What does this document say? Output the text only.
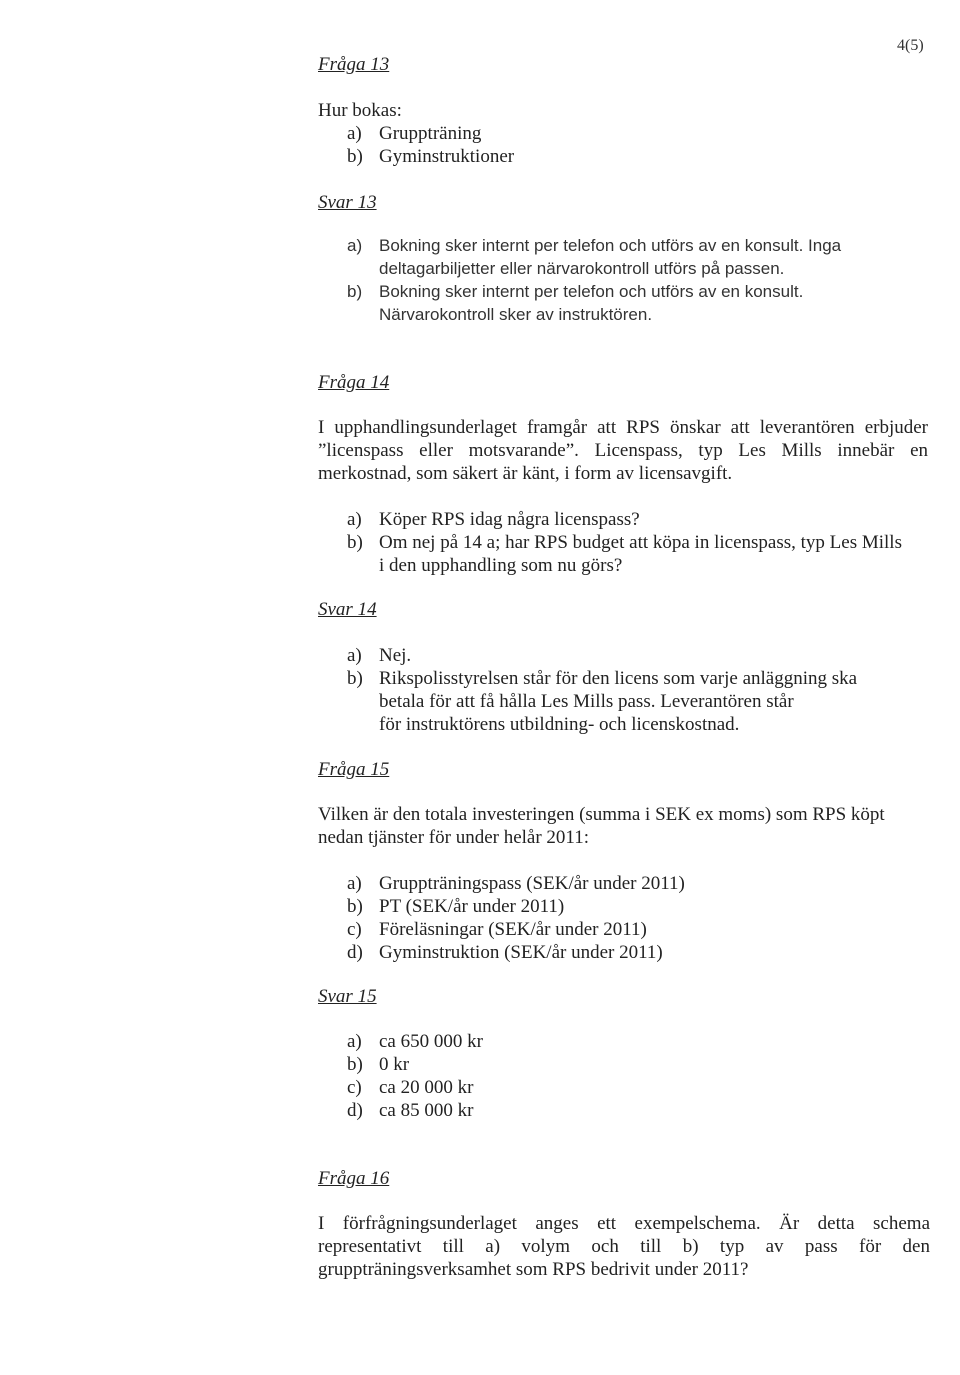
4(5)
Fråga 13
Hur bokas:
a) Gruppträning
b) Gyminstruktioner
Svar 13
a) Bokning sker internt per telefon och utförs av en konsult. Inga
deltagarbiljetter eller närvarokontroll utförs på passen.
b) Bokning sker internt per telefon och utförs av en konsult.
Närvarokontroll sker av instruktören.
Fråga 14
I upphandlingsunderlaget framgår att RPS önskar att leverantören erbjuder
”licenspass eller motsvarande”. Licenspass, typ Les Mills innebär en
merkostnad, som säkert är känt, i form av licensavgift.
a) Köper RPS idag några licenspass?
b) Om nej på 14 a; har RPS budget att köpa in licenspass, typ Les Mills
i den upphandling som nu görs?
Svar 14
a) Nej.
b) Rikspolisstyrelsen står för den licens som varje anläggning ska
betala för att få hålla Les Mills pass. Leverantören står
för instruktörens utbildning- och licenskostnad.
Fråga 15
Vilken är den totala investeringen (summa i SEK ex moms) som RPS köpt
nedan tjänster för under helår 2011:
a) Gruppträningspass (SEK/år under 2011)
b) PT (SEK/år under 2011)
c) Föreläsningar (SEK/år under 2011)
d) Gyminstruktion (SEK/år under 2011)
Svar 15
a) ca 650 000 kr
b) 0 kr
c) ca 20 000 kr
d) ca 85 000 kr
Fråga 16
I förfrågningsunderlaget anges ett exempelschema. Är detta schema
representativt till a) volym och till b) typ av pass för den
gruppträningsverksamhet som RPS bedrivit under 2011?
